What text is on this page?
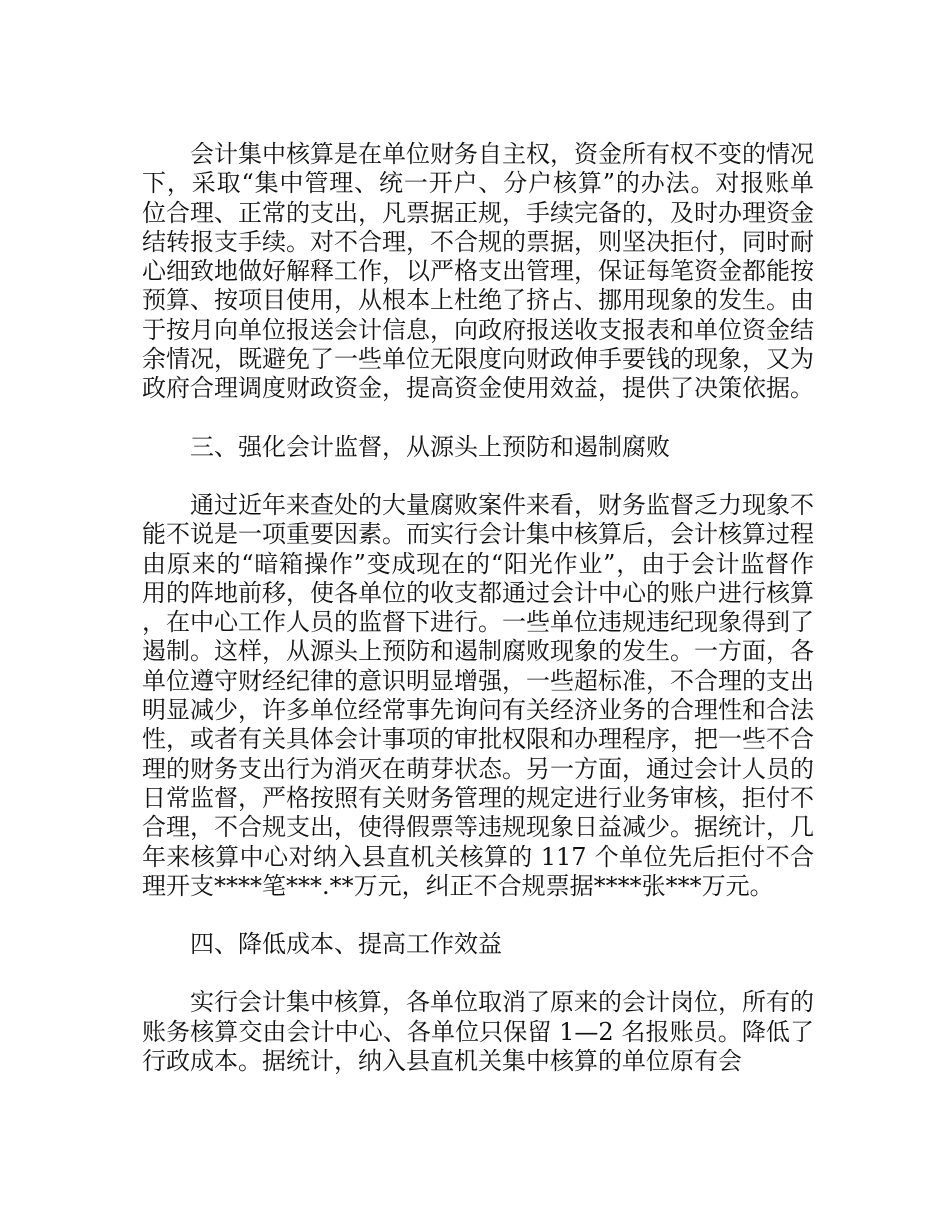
会计集中核算是在单位财务自主权，资金所有权不变的情况下，采取“集中管理、统一开户、分户核算”的办法。对报账单位合理、正常的支出，凡票据正规，手续完备的，及时办理资金结转报支手续。对不合理，不合规的票据，则坚决拒付，同时耐心细致地做好解释工作，以严格支出管理，保证每笔资金都能按预算、按项目使用，从根本上杜绝了挤占、挪用现象的发生。由于按月向单位报送会计信息，向政府报送收支报表和单位资金结余情况，既避免了一些单位无限度向财政伸手要钱的现象，又为政府合理调度财政资金，提高资金使用效益，提供了决策依据。

三、强化会计监督，从源头上预防和遏制腐败

通过近年来查处的大量腐败案件来看，财务监督乏力现象不能不说是一项重要因素。而实行会计集中核算后，会计核算过程由原来的“暗箱操作”变成现在的“阳光作业”，由于会计监督作用的阵地前移，使各单位的收支都通过会计中心的账户进行核算，在中心工作人员的监督下进行。一些单位违规违纪现象得到了遏制。这样，从源头上预防和遏制腐败现象的发生。一方面，各单位遵守财经纪律的意识明显增强，一些超标准，不合理的支出明显减少，许多单位经常事先询问有关经济业务的合理性和合法性，或者有关具体会计事项的审批权限和办理程序，把一些不合理的财务支出行为消灭在萌芽状态。另一方面，通过会计人员的日常监督，严格按照有关财务管理的规定进行业务审核，拒付不合理，不合规支出，使得假票等违规现象日益减少。据统计，几年来核算中心对纳入县直机关核算的 117 个单位先后拒付不合理开支****笔***.**万元，纠正不合规票据****张***万元。

四、降低成本、提高工作效益

实行会计集中核算，各单位取消了原来的会计岗位，所有的账务核算交由会计中心、各单位只保留 1—2 名报账员。降低了行政成本。据统计，纳入县直机关集中核算的单位原有会
